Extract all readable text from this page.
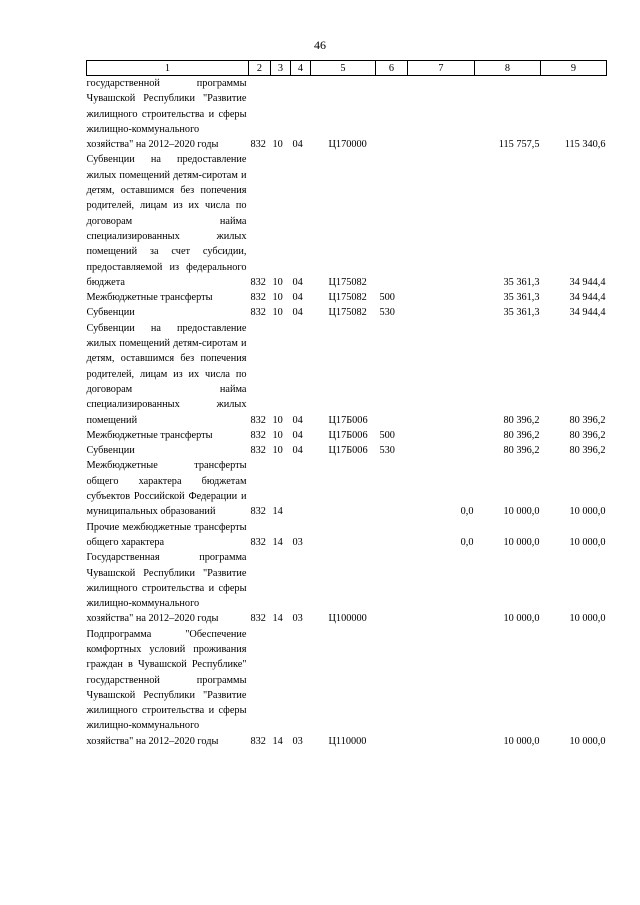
46
1	2	3	4	5	6	7	8	9
государственной программы Чувашской Республики "Развитие жилищного строительства и сферы жилищно-коммунального хозяйства" на 2012–2020 годы	832	10	04	Ц170000			115 757,5	115 340,6
Субвенции на предоставление жилых помещений детям-сиротам и детям, оставшимся без попечения родителей, лицам из их числа по договорам найма специализированных жилых помещений за счет субсидии, предоставляемой из федерального бюджета	832	10	04	Ц175082			35 361,3	34 944,4
Межбюджетные трансферты	832	10	04	Ц175082	500		35 361,3	34 944,4
Субвенции	832	10	04	Ц175082	530		35 361,3	34 944,4
Субвенции на предоставление жилых помещений детям-сиротам и детям, оставшимся без попечения родителей, лицам из их числа по договорам найма специализированных жилых помещений	832	10	04	Ц17Б006			80 396,2	80 396,2
Межбюджетные трансферты	832	10	04	Ц17Б006	500		80 396,2	80 396,2
Субвенции	832	10	04	Ц17Б006	530		80 396,2	80 396,2
Межбюджетные трансферты общего характера бюджетам субъектов Российской Федерации и муниципальных образований	832	14				0,0	10 000,0	10 000,0
Прочие межбюджетные трансферты общего характера	832	14	03			0,0	10 000,0	10 000,0
Государственная программа Чувашской Республики "Развитие жилищного строительства и сферы жилищно-коммунального хозяйства" на 2012–2020 годы	832	14	03	Ц100000			10 000,0	10 000,0
Подпрограмма "Обеспечение комфортных условий проживания граждан в Чувашской Республике" государственной программы Чувашской Республики "Развитие жилищного строительства и сферы жилищно-коммунального хозяйства" на 2012–2020 годы	832	14	03	Ц110000			10 000,0	10 000,0
